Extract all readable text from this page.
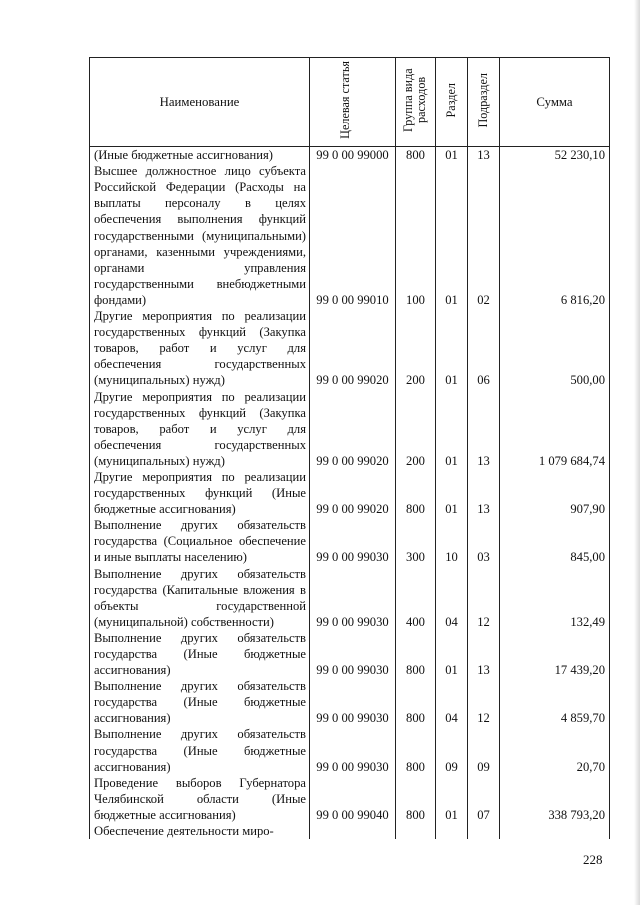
Наименование	Целевая статья	Группа вида расходов	Раздел	Подраздел	Сумма
(Иные бюджетные ассигнования)	99 0 00 99000	800	01	13	52 230,10
Высшее должностное лицо субъекта Российской Федерации (Расходы на выплаты персоналу в целях обеспечения выполнения функций государственными (муниципальными) органами, казенными учреждениями, органами управления государственными внебюджетными фондами)	99 0 00 99010	100	01	02	6 816,20
Другие мероприятия по реализации государственных функций (Закупка товаров, работ и услуг для обеспечения государственных (муниципальных) нужд)	99 0 00 99020	200	01	06	500,00
Другие мероприятия по реализации государственных функций (Закупка товаров, работ и услуг для обеспечения государственных (муниципальных) нужд)	99 0 00 99020	200	01	13	1 079 684,74
Другие мероприятия по реализации государственных функций (Иные бюджетные ассигнования)	99 0 00 99020	800	01	13	907,90
Выполнение других обязательств государства (Социальное обеспечение и иные выплаты населению)	99 0 00 99030	300	10	03	845,00
Выполнение других обязательств государства (Капитальные вложения в объекты государственной (муниципальной) собственности)	99 0 00 99030	400	04	12	132,49
Выполнение других обязательств государства (Иные бюджетные ассигнования)	99 0 00 99030	800	01	13	17 439,20
Выполнение других обязательств государства (Иные бюджетные ассигнования)	99 0 00 99030	800	04	12	4 859,70
Выполнение других обязательств государства (Иные бюджетные ассигнования)	99 0 00 99030	800	09	09	20,70
Проведение выборов Губернатора Челябинской области (Иные бюджетные ассигнования)	99 0 00 99040	800	01	07	338 793,20
Обеспечение деятельности миро-					
228
